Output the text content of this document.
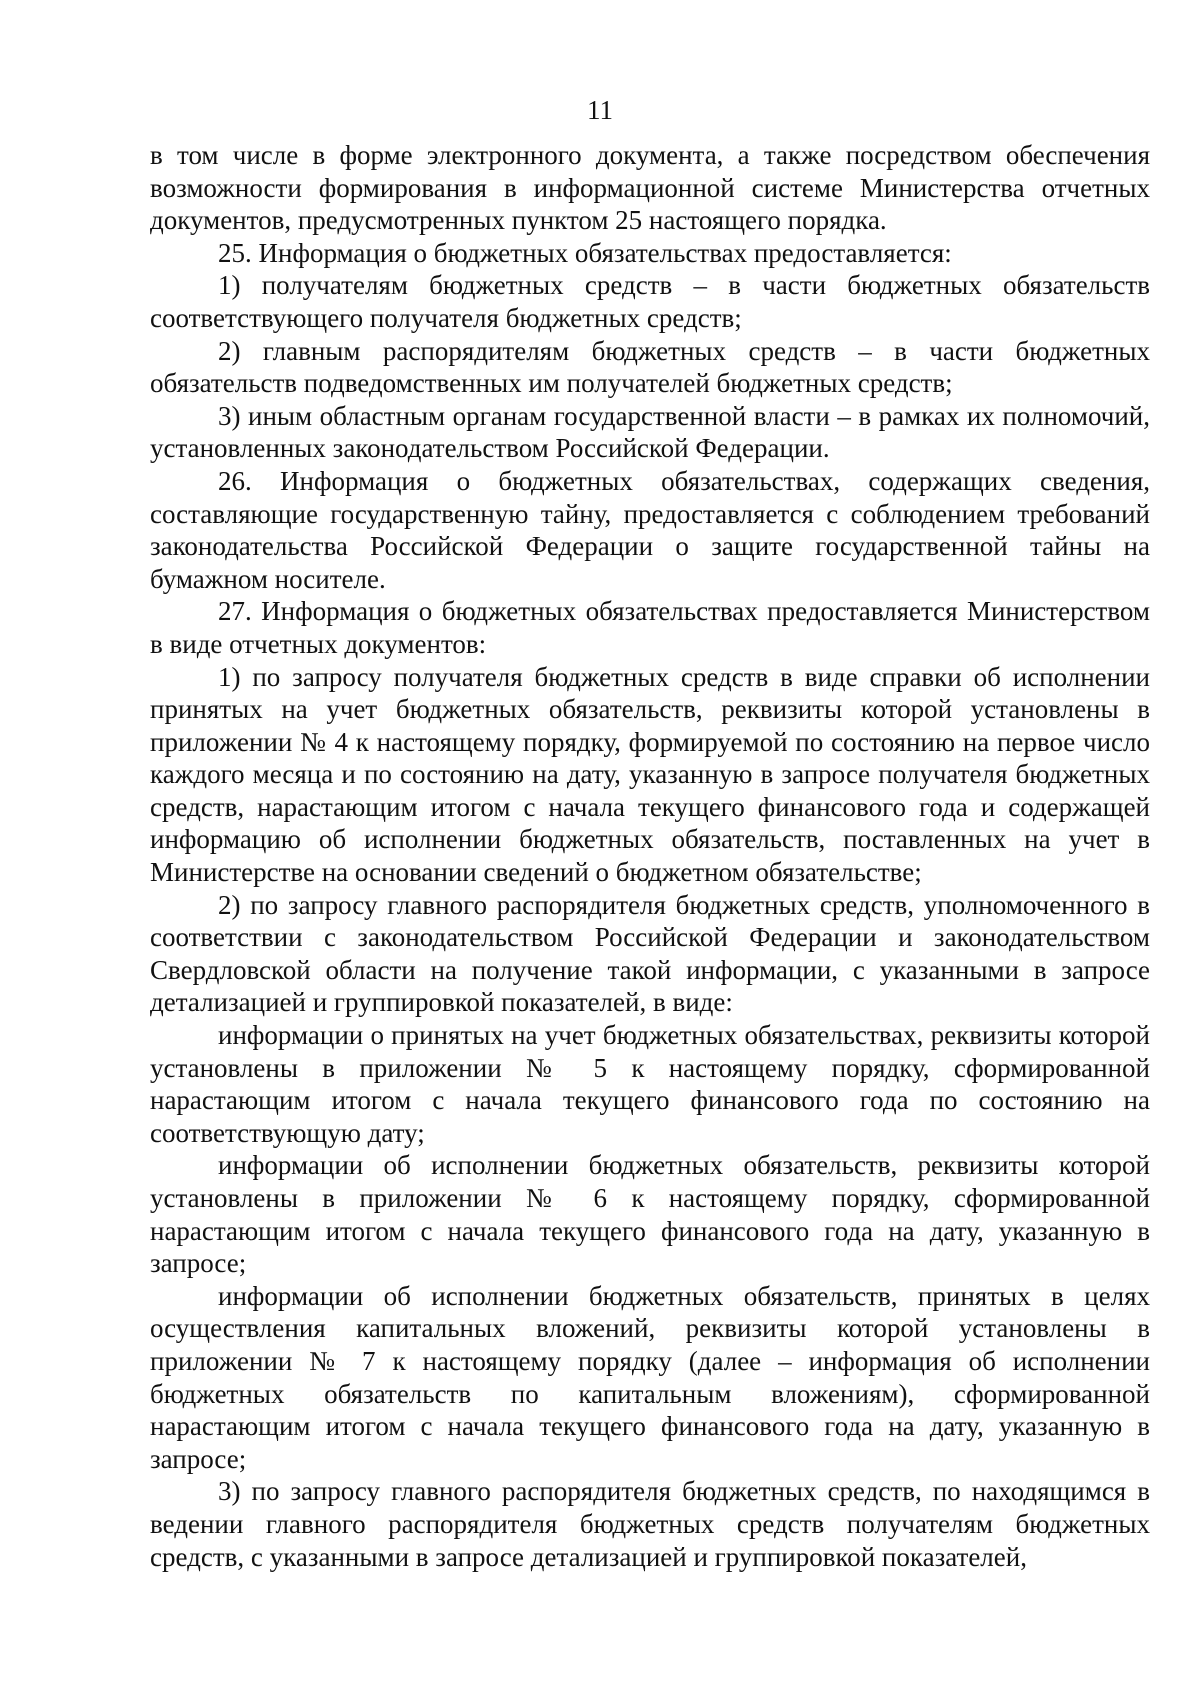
11

в том числе в форме электронного документа, а также посредством обеспечения возможности формирования в информационной системе Министерства отчетных документов, предусмотренных пунктом 25 настоящего порядка.

25. Информация о бюджетных обязательствах предоставляется:

1) получателям бюджетных средств – в части бюджетных обязательств соответствующего получателя бюджетных средств;

2) главным распорядителям бюджетных средств – в части бюджетных обязательств подведомственных им получателей бюджетных средств;

3) иным областным органам государственной власти – в рамках их полномочий, установленных законодательством Российской Федерации.

26. Информация о бюджетных обязательствах, содержащих сведения, составляющие государственную тайну, предоставляется с соблюдением требований законодательства Российской Федерации о защите государственной тайны на бумажном носителе.

27. Информация о бюджетных обязательствах предоставляется Министерством в виде отчетных документов:

1) по запросу получателя бюджетных средств в виде справки об исполнении принятых на учет бюджетных обязательств, реквизиты которой установлены в приложении № 4 к настоящему порядку, формируемой по состоянию на первое число каждого месяца и по состоянию на дату, указанную в запросе получателя бюджетных средств, нарастающим итогом с начала текущего финансового года и содержащей информацию об исполнении бюджетных обязательств, поставленных на учет в Министерстве на основании сведений о бюджетном обязательстве;

2) по запросу главного распорядителя бюджетных средств, уполномоченного в соответствии с законодательством Российской Федерации и законодательством Свердловской области на получение такой информации, с указанными в запросе детализацией и группировкой показателей, в виде:

информации о принятых на учет бюджетных обязательствах, реквизиты которой установлены в приложении № 5 к настоящему порядку, сформированной нарастающим итогом с начала текущего финансового года по состоянию на соответствующую дату;

информации об исполнении бюджетных обязательств, реквизиты которой установлены в приложении № 6 к настоящему порядку, сформированной нарастающим итогом с начала текущего финансового года на дату, указанную в запросе;

информации об исполнении бюджетных обязательств, принятых в целях осуществления капитальных вложений, реквизиты которой установлены в приложении № 7 к настоящему порядку (далее – информация об исполнении бюджетных обязательств по капитальным вложениям), сформированной нарастающим итогом с начала текущего финансового года на дату, указанную в запросе;

3) по запросу главного распорядителя бюджетных средств, по находящимся в ведении главного распорядителя бюджетных средств получателям бюджетных средств, с указанными в запросе детализацией и группировкой показателей,
